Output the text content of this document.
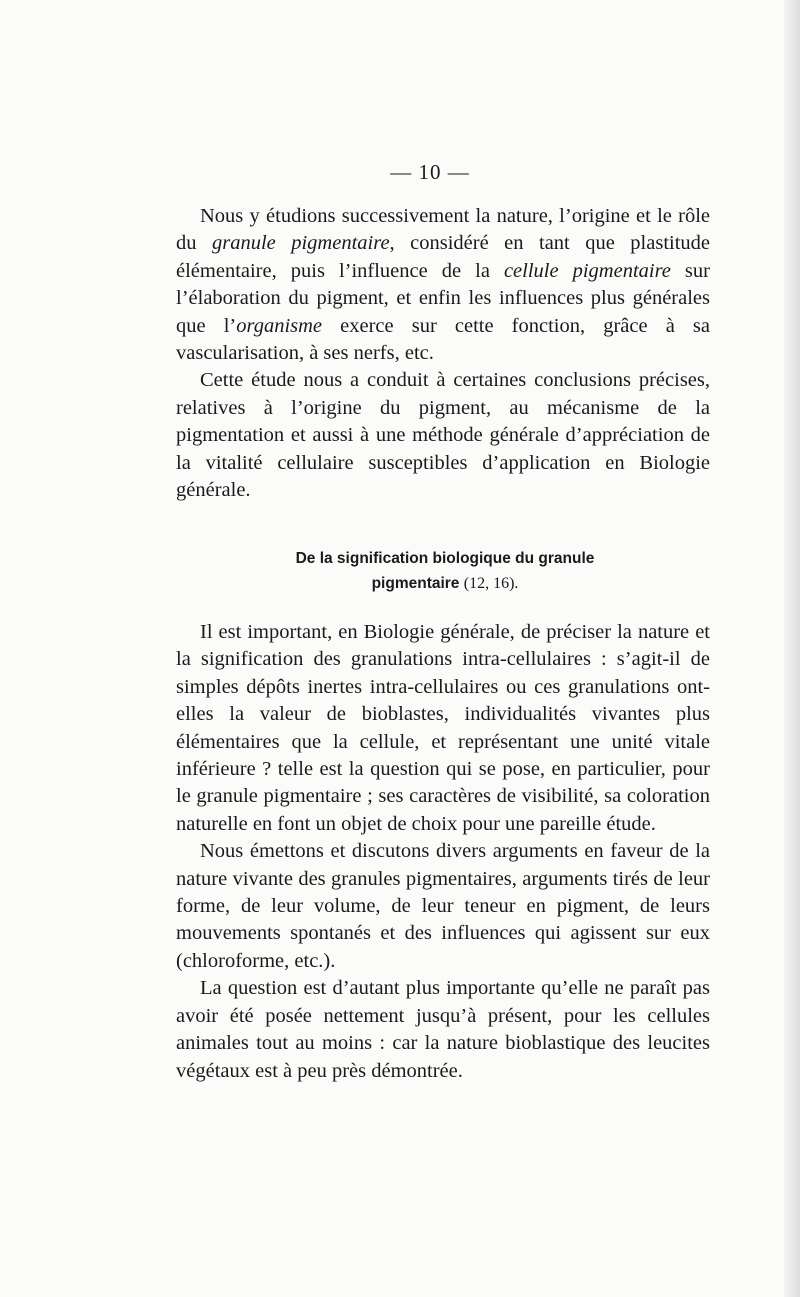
— 10 —

Nous y étudions successivement la nature, l’origine et le rôle du granule pigmentaire, considéré en tant que plastitude élémentaire, puis l’influence de la cellule pigmentaire sur l’élaboration du pigment, et enfin les influences plus générales que l’organisme exerce sur cette fonction, grâce à sa vascularisation, à ses nerfs, etc.

Cette étude nous a conduit à certaines conclusions précises, relatives à l’origine du pigment, au mécanisme de la pigmentation et aussi à une méthode générale d’appréciation de la vitalité cellulaire susceptibles d’application en Biologie générale.

De la signification biologique du granule
pigmentaire (12, 16).

Il est important, en Biologie générale, de préciser la nature et la signification des granulations intra-cellulaires : s’agit-il de simples dépôts inertes intra-cellulaires ou ces granulations ont-elles la valeur de bioblastes, individualités vivantes plus élémentaires que la cellule, et représentant une unité vitale inférieure ? telle est la question qui se pose, en particulier, pour le granule pigmentaire ; ses caractères de visibilité, sa coloration naturelle en font un objet de choix pour une pareille étude.

Nous émettons et discutons divers arguments en faveur de la nature vivante des granules pigmentaires, arguments tirés de leur forme, de leur volume, de leur teneur en pigment, de leurs mouvements spontanés et des influences qui agissent sur eux (chloroforme, etc.).

La question est d’autant plus importante qu’elle ne paraît pas avoir été posée nettement jusqu’à présent, pour les cellules animales tout au moins : car la nature bioblastique des leucites végétaux est à peu près démontrée.
